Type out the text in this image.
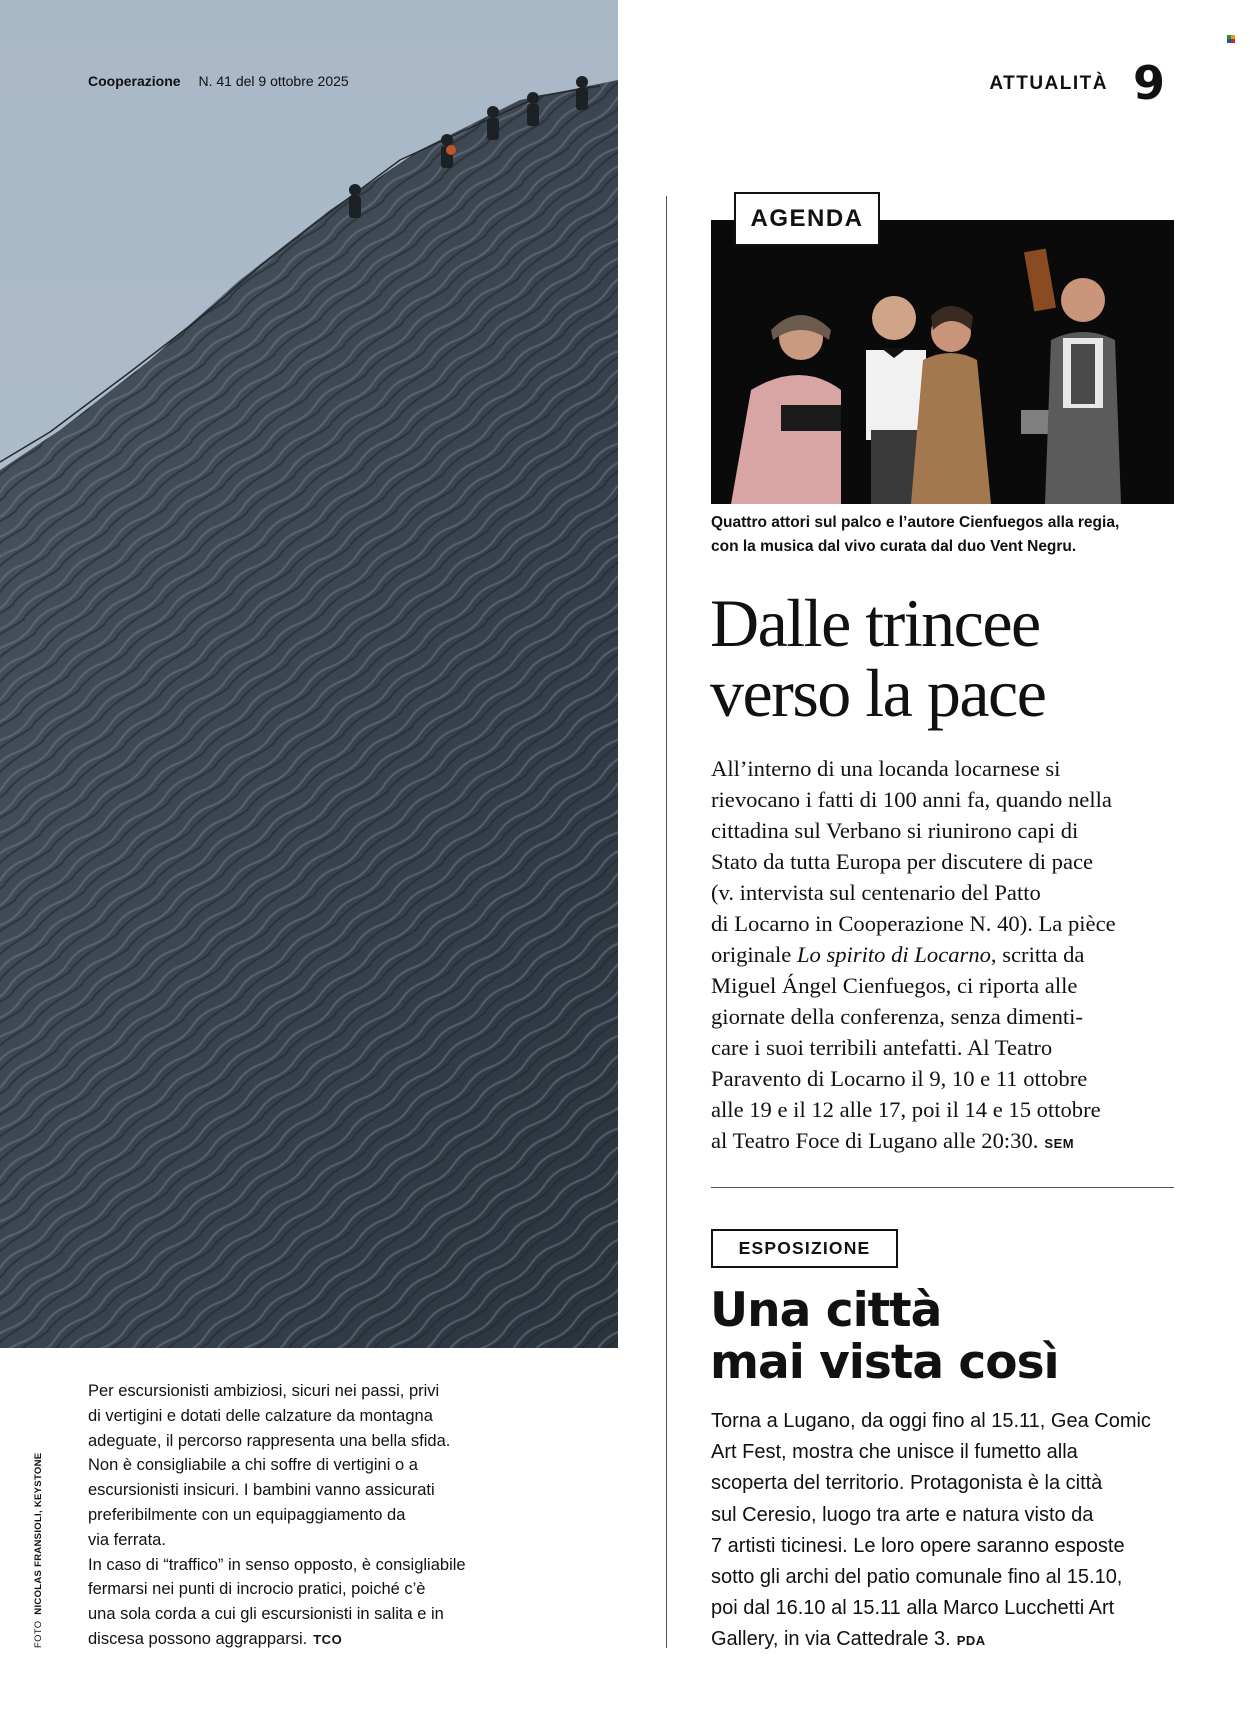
Cooperazione N. 41 del 9 ottobre 2025	ATTUALITÀ 9
Per escursionisti ambiziosi, sicuri nei passi, privi
di vertigini e dotati delle calzature da montagna
adeguate, il percorso rappresenta una bella sfida.
Non è consigliabile a chi soffre di vertigini o a
escursionisti insicuri. I bambini vanno assicurati
preferibilmente con un equipaggiamento da
via ferrata.
In caso di “traffico” in senso opposto, è consigliabile
fermarsi nei punti di incrocio pratici, poiché c’è
una sola corda a cui gli escursionisti in salita e in
discesa possono aggrapparsi. TCO
FOTO  NICOLAS FRANSIOLI, KEYSTONE
AGENDA
Quattro attori sul palco e l’autore Cienfuegos alla regia,
con la musica dal vivo curata dal duo Vent Negru.
Dalle trincee
verso la pace
All’interno di una locanda locarnese si
rievocano i fatti di 100 anni fa, quando nella
cittadina sul Verbano si riunirono capi di
Stato da tutta Europa per discutere di pace
(v. intervista sul centenario del Patto
di Locarno in Cooperazione N. 40). La pièce
originale Lo spirito di Locarno, scritta da
Miguel Ángel Cienfuegos, ci riporta alle
giornate della conferenza, senza dimenti-
care i suoi terribili antefatti. Al Teatro
Paravento di Locarno il 9, 10 e 11 ottobre
alle 19 e il 12 alle 17, poi il 14 e 15 ottobre
al Teatro Foce di Lugano alle 20:30. SEM
ESPOSIZIONE
Una città
mai vista così
Torna a Lugano, da oggi fino al 15.11, Gea Comic
Art Fest, mostra che unisce il fumetto alla
scoperta del territorio. Protagonista è la città
sul Ceresio, luogo tra arte e natura visto da
7 artisti ticinesi. Le loro opere saranno esposte
sotto gli archi del patio comunale fino al 15.10,
poi dal 16.10 al 15.11 alla Marco Lucchetti Art
Gallery, in via Cattedrale 3. PDA
